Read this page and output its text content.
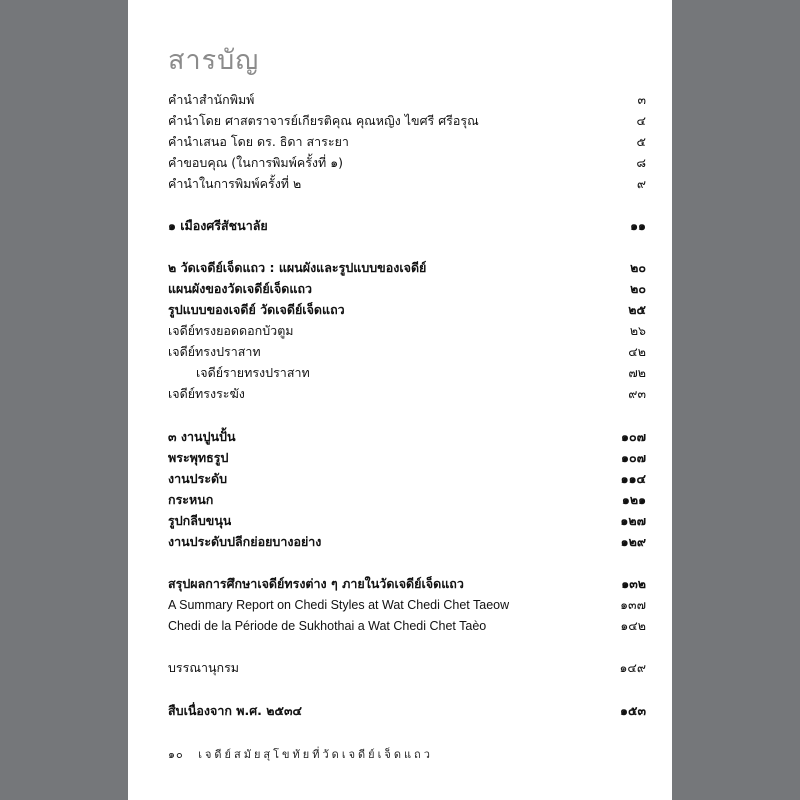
สารบัญ
คำนำสำนักพิมพ์	๓
คำนำโดย ศาสตราจารย์เกียรติคุณ คุณหญิง ไขศรี ศรีอรุณ	๔
คำนำเสนอ โดย ดร. ธิดา สาระยา	๕
คำขอบคุณ (ในการพิมพ์ครั้งที่ ๑)	๘
คำนำในการพิมพ์ครั้งที่ ๒	๙
๑ เมืองศรีสัชนาลัย	๑๑
๒ วัดเจดีย์เจ็ดแถว : แผนผังและรูปแบบของเจดีย์	๒๐
แผนผังของวัดเจดีย์เจ็ดแถว	๒๐
รูปแบบของเจดีย์ วัดเจดีย์เจ็ดแถว	๒๕
เจดีย์ทรงยอดดอกบัวตูม	๒๖
เจดีย์ทรงปราสาท	๔๒
เจดีย์รายทรงปราสาท	๗๒
เจดีย์ทรงระฆัง	๙๓
๓ งานปูนปั้น	๑๐๗
พระพุทธรูป	๑๐๗
งานประดับ	๑๑๔
กระหนก	๑๒๑
รูปกลีบขนุน	๑๒๗
งานประดับปลีกย่อยบางอย่าง	๑๒๙
สรุปผลการศึกษาเจดีย์ทรงต่าง ๆ ภายในวัดเจดีย์เจ็ดแถว	๑๓๒
A Summary Report on Chedi Styles at Wat Chedi Chet Taeow	๑๓๗
Chedi de la Période de Sukhothai a Wat Chedi Chet Taèo	๑๔๒
บรรณานุกรม	๑๔๙
สืบเนื่องจาก พ.ศ. ๒๕๓๔	๑๕๓
๑๐ เจดีย์สมัยสุโขทัยที่วัดเจดีย์เจ็ดแถว
